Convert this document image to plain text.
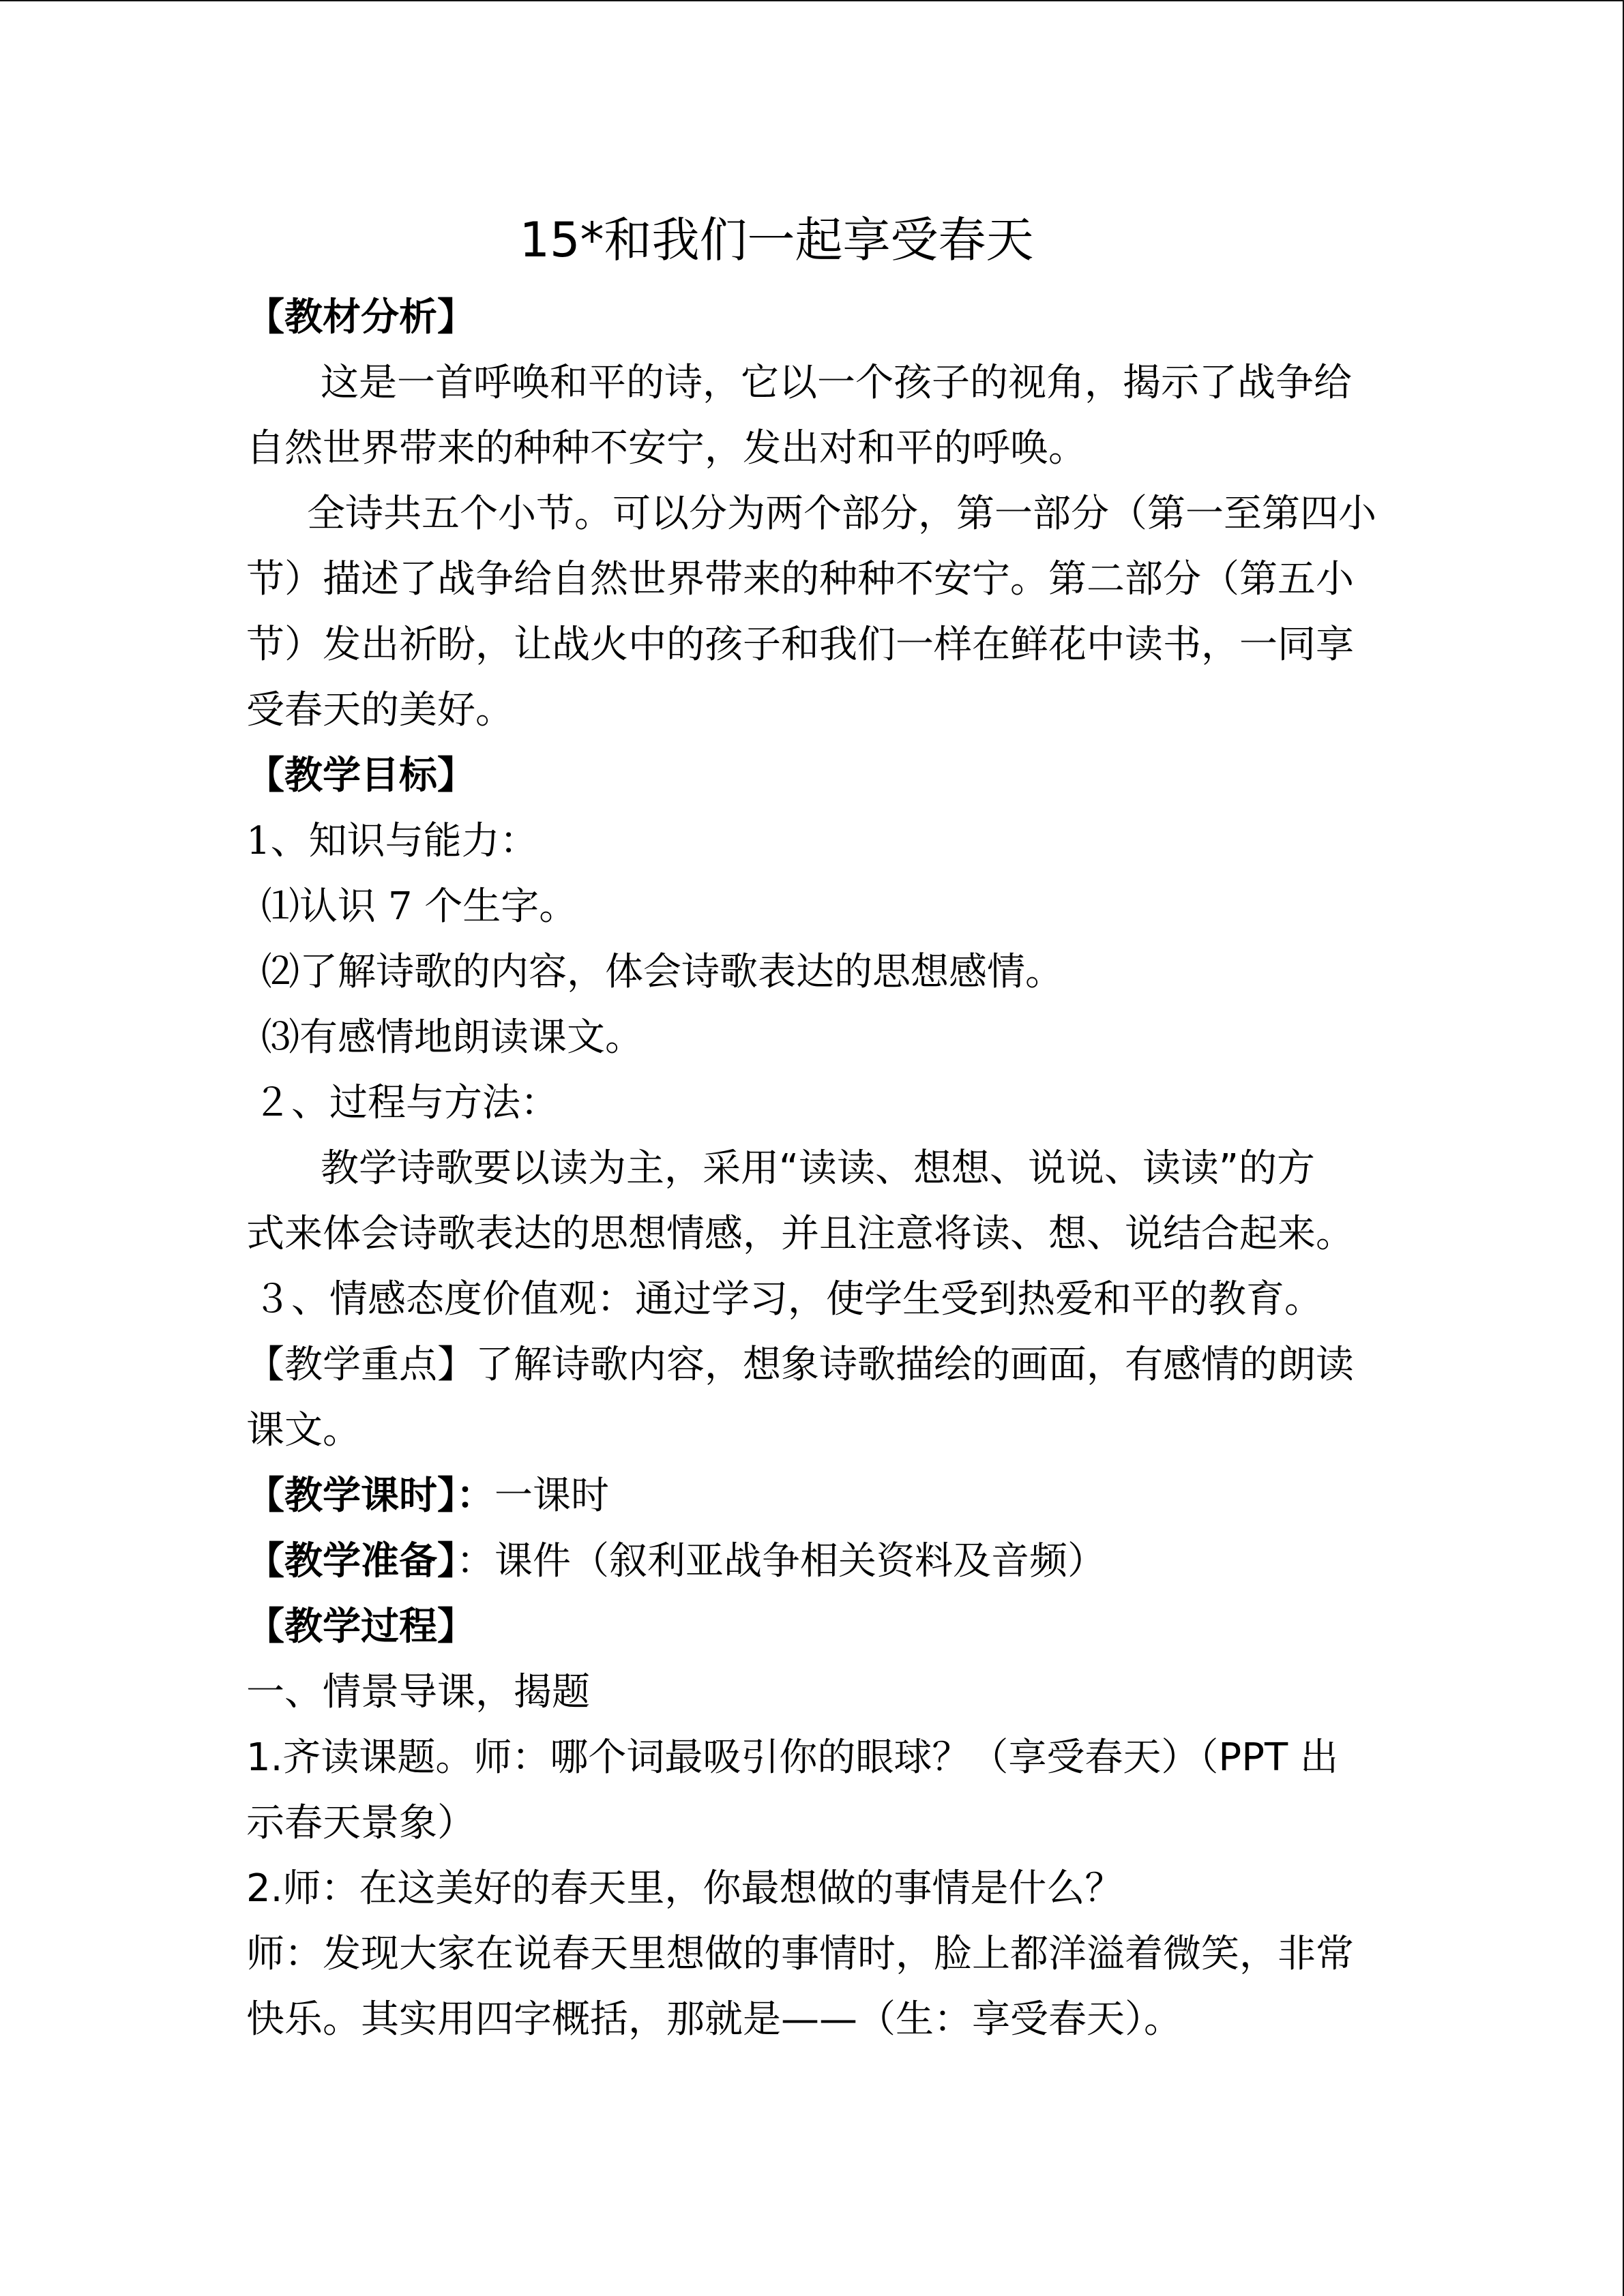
15*和我们一起享受春天
【教材分析】
这是一首呼唤和平的诗，它以一个孩子的视角，揭示了战争给
自然世界带来的种种不安宁，发出对和平的呼唤。
全诗共五个小节。可以分为两个部分，第一部分（第一至第四小
节）描述了战争给自然世界带来的种种不安宁。第二部分（第五小
节）发出祈盼，让战火中的孩子和我们一样在鲜花中读书，一同享
受春天的美好。
【教学目标】
1、知识与能力：
⑴认识 7 个生字。
⑵了解诗歌的内容，体会诗歌表达的思想感情。
⑶有感情地朗读课文。
２、过程与方法：
教学诗歌要以读为主，采用“读读、想想、说说、读读”的方
式来体会诗歌表达的思想情感，并且注意将读、想、说结合起来。
３、情感态度价值观：通过学习，使学生受到热爱和平的教育。
【教学重点】了解诗歌内容，想象诗歌描绘的画面，有感情的朗读
课文。
【教学课时】：一课时
【教学准备】：课件（叙利亚战争相关资料及音频）
【教学过程】
一、情景导课，揭题
1.齐读课题。师：哪个词最吸引你的眼球？（享受春天）（PPT 出
示春天景象）
2.师：在这美好的春天里，你最想做的事情是什么？
师：发现大家在说春天里想做的事情时，脸上都洋溢着微笑，非常
快乐。其实用四字概括，那就是——（生：享受春天）。
